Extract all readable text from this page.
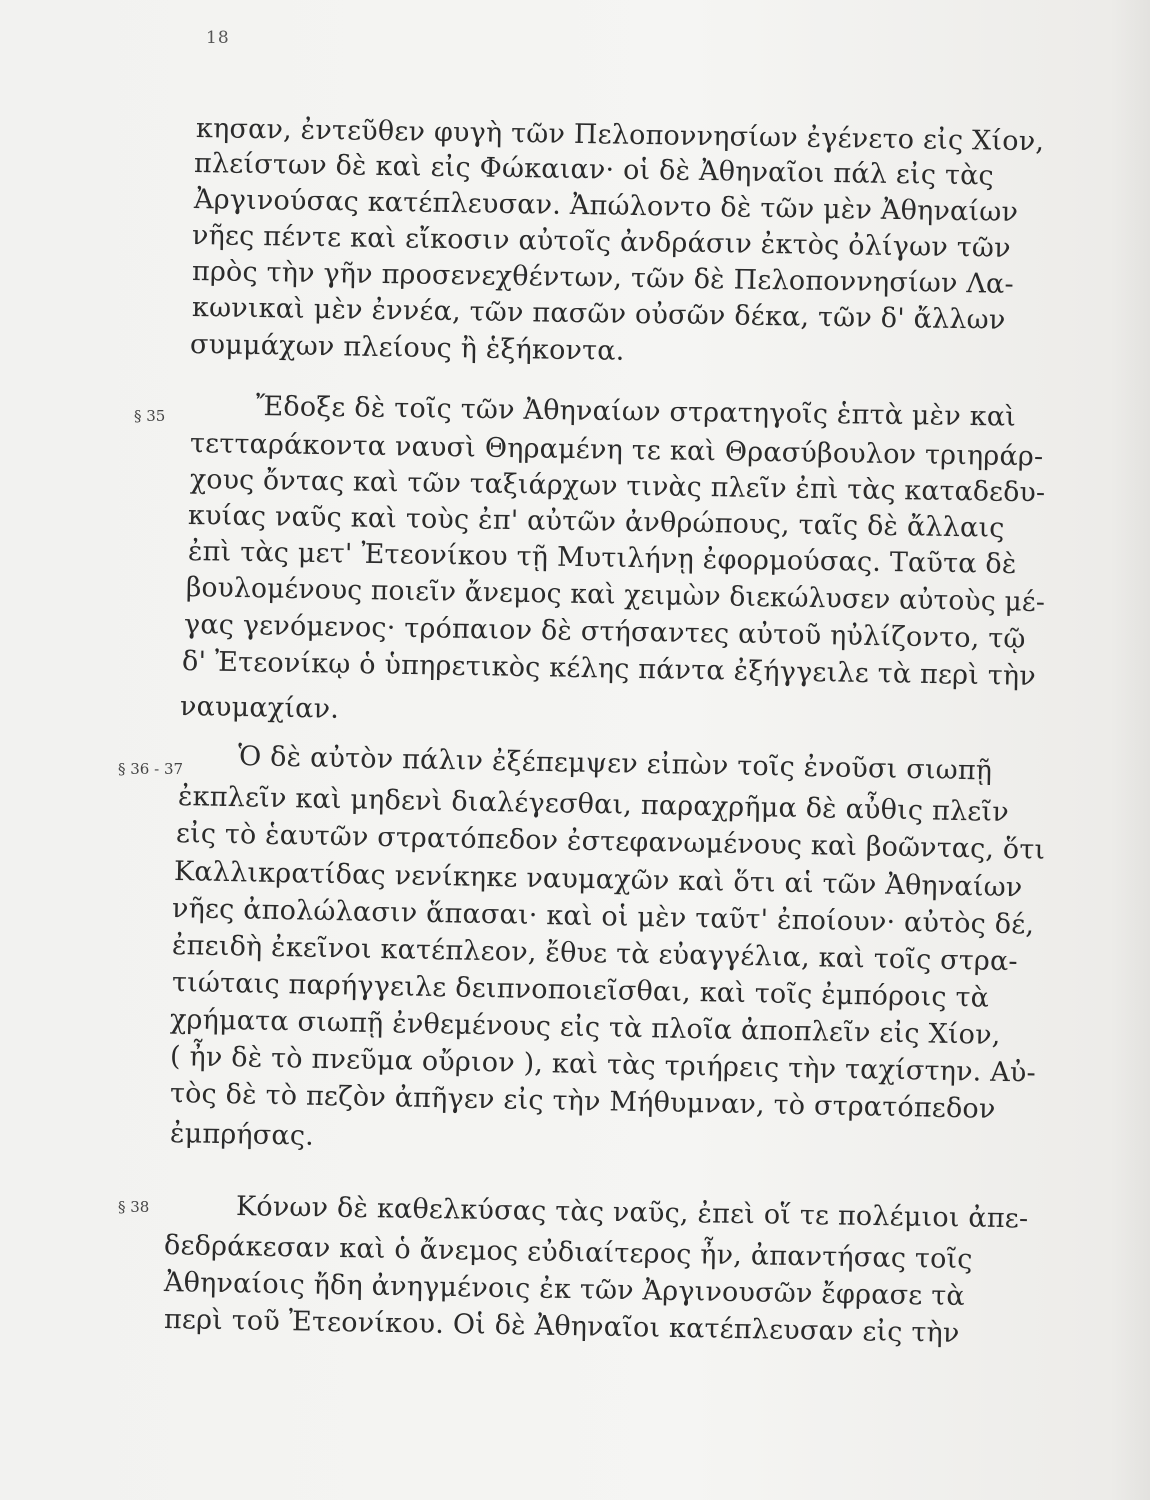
18
§ 35
§ 36 - 37
§ 38
κησαν, ἐντεῦθεν φυγὴ τῶν Πελοποννησίων ἐγένετο εἰς Χίον,
πλείστων δὲ καὶ εἰς Φώκαιαν· οἱ δὲ Ἀθηναῖοι πάλ εἰς τὰς
Ἀργινούσας κατέπλευσαν. Ἀπώλοντο δὲ τῶν μὲν Ἀθηναίων
νῆες πέντε καὶ εἴκοσιν αὐτοῖς ἀνδράσιν ἐκτὸς ὀλίγων τῶν
πρὸς τὴν γῆν προσενεχθέντων, τῶν δὲ Πελοποννησίων Λα-
κωνικαὶ μὲν ἐννέα, τῶν πασῶν οὐσῶν δέκα, τῶν δ' ἄλλων
συμμάχων πλείους ἢ ἑξήκοντα.
Ἔδοξε δὲ τοῖς τῶν Ἀθηναίων στρατηγοῖς ἑπτὰ μὲν καὶ
τετταράκοντα ναυσὶ Θηραμένη τε καὶ Θρασύβουλον τριηράρ-
χους ὄντας καὶ τῶν ταξιάρχων τινὰς πλεῖν ἐπὶ τὰς καταδεδυ-
κυίας ναῦς καὶ τοὺς ἐπ' αὐτῶν ἀνθρώπους, ταῖς δὲ ἄλλαις
ἐπὶ τὰς μετ' Ἐτεονίκου τῇ Μυτιλήνῃ ἐφορμούσας. Ταῦτα δὲ
βουλομένους ποιεῖν ἄνεμος καὶ χειμὼν διεκώλυσεν αὐτοὺς μέ-
γας γενόμενος· τρόπαιον δὲ στήσαντες αὐτοῦ ηὐλίζοντο, τῷ
δ' Ἐτεονίκῳ ὁ ὑπηρετικὸς κέλης πάντα ἐξήγγειλε τὰ περὶ τὴν
ναυμαχίαν.
Ὁ δὲ αὐτὸν πάλιν ἐξέπεμψεν εἰπὼν τοῖς ἐνοῦσι σιωπῇ
ἐκπλεῖν καὶ μηδενὶ διαλέγεσθαι, παραχρῆμα δὲ αὖθις πλεῖν
εἰς τὸ ἑαυτῶν στρατόπεδον ἐστεφανωμένους καὶ βοῶντας, ὅτι
Καλλικρατίδας νενίκηκε ναυμαχῶν καὶ ὅτι αἱ τῶν Ἀθηναίων
νῆες ἀπολώλασιν ἅπασαι· καὶ οἱ μὲν ταῦτ' ἐποίουν· αὐτὸς δέ,
ἐπειδὴ ἐκεῖνοι κατέπλεον, ἔθυε τὰ εὐαγγέλια, καὶ τοῖς στρα-
τιώταις παρήγγειλε δειπνοποιεῖσθαι, καὶ τοῖς ἐμπόροις τὰ
χρήματα σιωπῇ ἐνθεμένους εἰς τὰ πλοῖα ἀποπλεῖν εἰς Χίον,
( ἦν δὲ τὸ πνεῦμα οὔριον ), καὶ τὰς τριήρεις τὴν ταχίστην. Αὐ-
τὸς δὲ τὸ πεζὸν ἀπῆγεν εἰς τὴν Μήθυμναν, τὸ στρατόπεδον
ἐμπρήσας.
Κόνων δὲ καθελκύσας τὰς ναῦς, ἐπεὶ οἵ τε πολέμιοι ἀπε-
δεδράκεσαν καὶ ὁ ἄνεμος εὐδιαίτερος ἦν, ἀπαντήσας τοῖς
Ἀθηναίοις ἤδη ἀνηγμένοις ἐκ τῶν Ἀργινουσῶν ἔφρασε τὰ
περὶ τοῦ Ἐτεονίκου. Οἱ δὲ Ἀθηναῖοι κατέπλευσαν εἰς τὴν
